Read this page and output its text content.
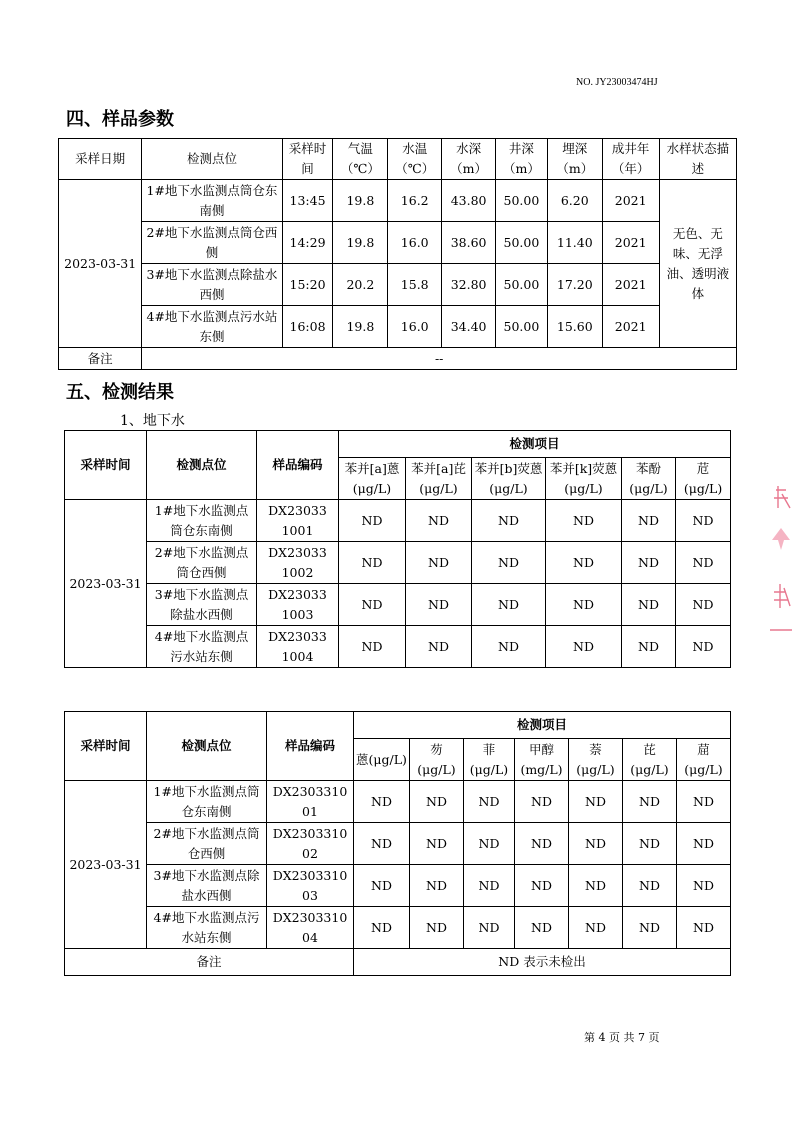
NO. JY23003474HJ
四、样品参数
采样日期	检测点位	采样时间	气温（℃）	水温（℃）	水深（m）	井深（m）	埋深（m）	成井年（年）	水样状态描述
2023-03-31	1#地下水监测点筒仓东南侧	13:45	19.8	16.2	43.80	50.00	6.20	2021	无色、无味、无浮油、透明液体
	2#地下水监测点筒仓西侧	14:29	19.8	16.0	38.60	50.00	11.40	2021	
	3#地下水监测点除盐水西侧	15:20	20.2	15.8	32.80	50.00	17.20	2021	
	4#地下水监测点污水站东侧	16:08	19.8	16.0	34.40	50.00	15.60	2021	
备注	--								
五、检测结果
1、地下水
采样时间	检测点位	样品编码	检测项目					
			苯并[a]蒽(μg/L)	苯并[a]芘(μg/L)	苯并[b]荧蒽(μg/L)	苯并[k]荧蒽(μg/L)	苯酚(μg/L)	苊(μg/L)
2023-03-31	1#地下水监测点筒仓东南侧	DX230331001	ND	ND	ND	ND	ND	ND
	2#地下水监测点筒仓西侧	DX230331002	ND	ND	ND	ND	ND	ND
	3#地下水监测点除盐水西侧	DX230331003	ND	ND	ND	ND	ND	ND
	4#地下水监测点污水站东侧	DX230331004	ND	ND	ND	ND	ND	ND
采样时间	检测点位	样品编码	检测项目						
			蒽(μg/L)	芴(μg/L)	菲(μg/L)	甲醇(mg/L)	萘(μg/L)	芘(μg/L)	䓛(μg/L)
2023-03-31	1#地下水监测点筒仓东南侧	DX230331001	ND	ND	ND	ND	ND	ND	ND
	2#地下水监测点筒仓西侧	DX230331002	ND	ND	ND	ND	ND	ND	ND
	3#地下水监测点除盐水西侧	DX230331003	ND	ND	ND	ND	ND	ND	ND
	4#地下水监测点污水站东侧	DX230331004	ND	ND	ND	ND	ND	ND	ND
备注			ND 表示未检出						
第 4 页 共 7 页
